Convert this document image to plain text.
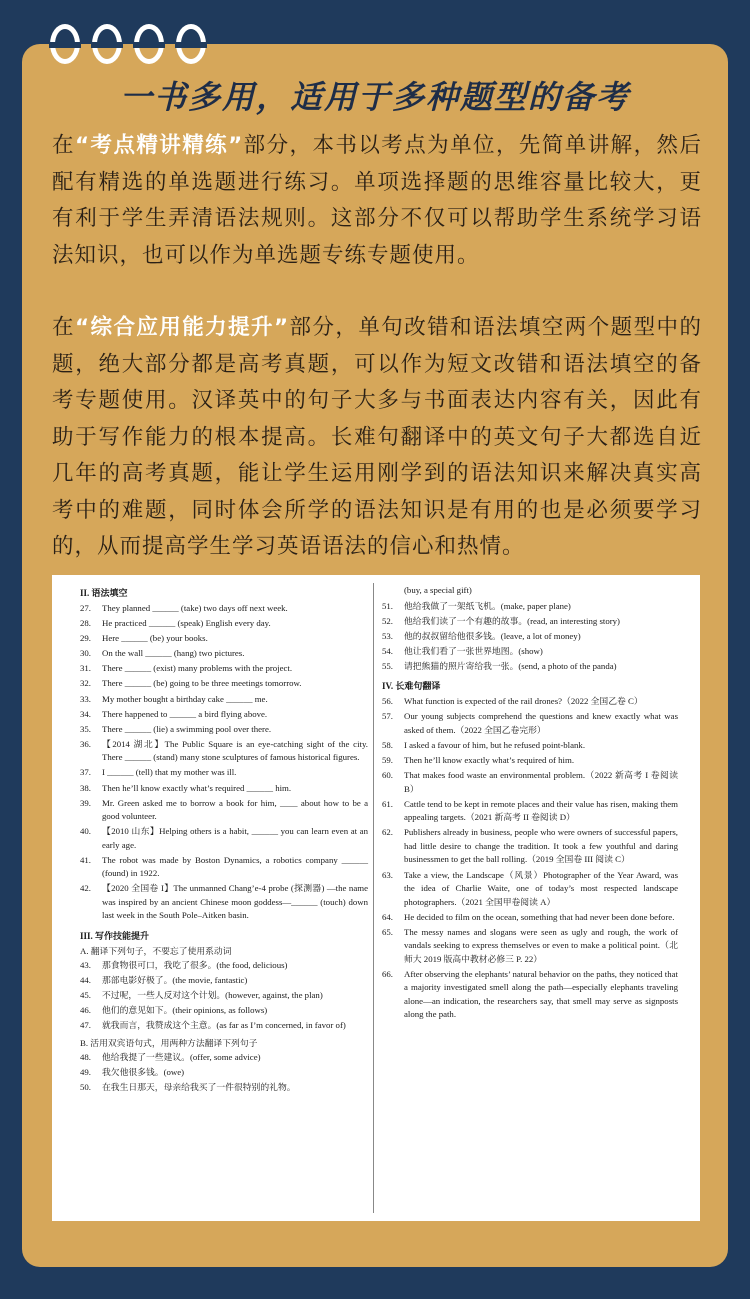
一书多用，适用于多种题型的备考
在“考点精讲精练”部分，本书以考点为单位，先简单讲解，然后配有精选的单选题进行练习。单项选择题的思维容量比较大，更有利于学生弄清语法规则。这部分不仅可以帮助学生系统学习语法知识，也可以作为单选题专练专题使用。
在“综合应用能力提升”部分，单句改错和语法填空两个题型中的题，绝大部分都是高考真题，可以作为短文改错和语法填空的备考专题使用。汉译英中的句子大多与书面表达内容有关，因此有助于写作能力的根本提高。长难句翻译中的英文句子大都选自近几年的高考真题，能让学生运用刚学到的语法知识来解决真实高考中的难题，同时体会所学的语法知识是有用的也是必须要学习的，从而提高学生学习英语语法的信心和热情。
II. 语法填空
27.	They planned ______ (take) two days off next week.
28.	He practiced ______ (speak) English every day.
29.	Here ______ (be) your books.
30.	On the wall ______ (hang) two pictures.
31.	There ______ (exist) many problems with the project.
32.	There ______ (be) going to be three meetings tomorrow.
33.	My mother bought a birthday cake ______ me.
34.	There happened to ______ a bird flying above.
35.	There ______ (lie) a swimming pool over there.
36.	【2014 湖北】The Public Square is an eye-catching sight of the city. There ______ (stand) many stone sculptures of famous historical figures.
37.	I ______ (tell) that my mother was ill.
38.	Then he’ll know exactly what’s required ______ him.
39.	Mr. Green asked me to borrow a book for him, ____ about how to be a good volunteer.
40.	【2010 山东】Helping others is a habit, ______ you can learn even at an early age.
41.	The robot was made by Boston Dynamics, a robotics company ______ (found) in 1922.
42.	【2020 全国卷 I】The unmanned Chang’e-4 probe (探测器) —the name was inspired by an ancient Chinese moon goddess—______ (touch) down last week in the South Pole–Aitken basin.
III. 写作技能提升
A. 翻译下列句子，不要忘了使用系动词
43.	那食物很可口，我吃了很多。(the food, delicious)
44.	那部电影好极了。(the movie, fantastic)
45.	不过呢，一些人反对这个计划。(however, against, the plan)
46.	他们的意见如下。(their opinions, as follows)
47.	就我而言，我赞成这个主意。(as far as I’m concerned, in favor of)
B. 活用双宾语句式，用两种方法翻译下列句子
48.	他给我提了一些建议。(offer, some advice)
49.	我欠他很多钱。(owe)
50.	在我生日那天，母亲给我买了一件很特别的礼物。
(buy, a special gift)
51.	他给我做了一架纸飞机。(make, paper plane)
52.	他给我们读了一个有趣的故事。(read, an interesting story)
53.	他的叔叔留给他很多钱。(leave, a lot of money)
54.	他让我们看了一张世界地图。(show)
55.	请把熊猫的照片寄给我一张。(send, a photo of the panda)
IV. 长难句翻译
56.	What function is expected of the rail drones?（2022 全国乙卷 C）
57.	Our young subjects comprehend the questions and knew exactly what was asked of them.（2022 全国乙卷完形）
58.	I asked a favour of him, but he refused point-blank.
59.	Then he’ll know exactly what’s required of him.
60.	That makes food waste an environmental problem.（2022 新高考 I 卷阅读 B）
61.	Cattle tend to be kept in remote places and their value has risen, making them appealing targets.（2021 新高考 II 卷阅读 D）
62.	Publishers already in business, people who were owners of successful papers, had little desire to change the tradition. It took a few youthful and daring businessmen to get the ball rolling.（2019 全国卷 III 阅读 C）
63.	Take a view, the Landscape（风景）Photographer of the Year Award, was the idea of Charlie Waite, one of today’s most respected landscape photographers.（2021 全国甲卷阅读 A）
64.	He decided to film on the ocean, something that had never been done before.
65.	The messy names and slogans were seen as ugly and rough, the work of vandals seeking to express themselves or even to make a political point.（北师大 2019 版高中教材必修三 P. 22）
66.	After observing the elephants’ natural behavior on the paths, they noticed that a majority investigated smell along the path—especially elephants traveling alone—an indication, the researchers say, that smell may serve as signposts along the path.
